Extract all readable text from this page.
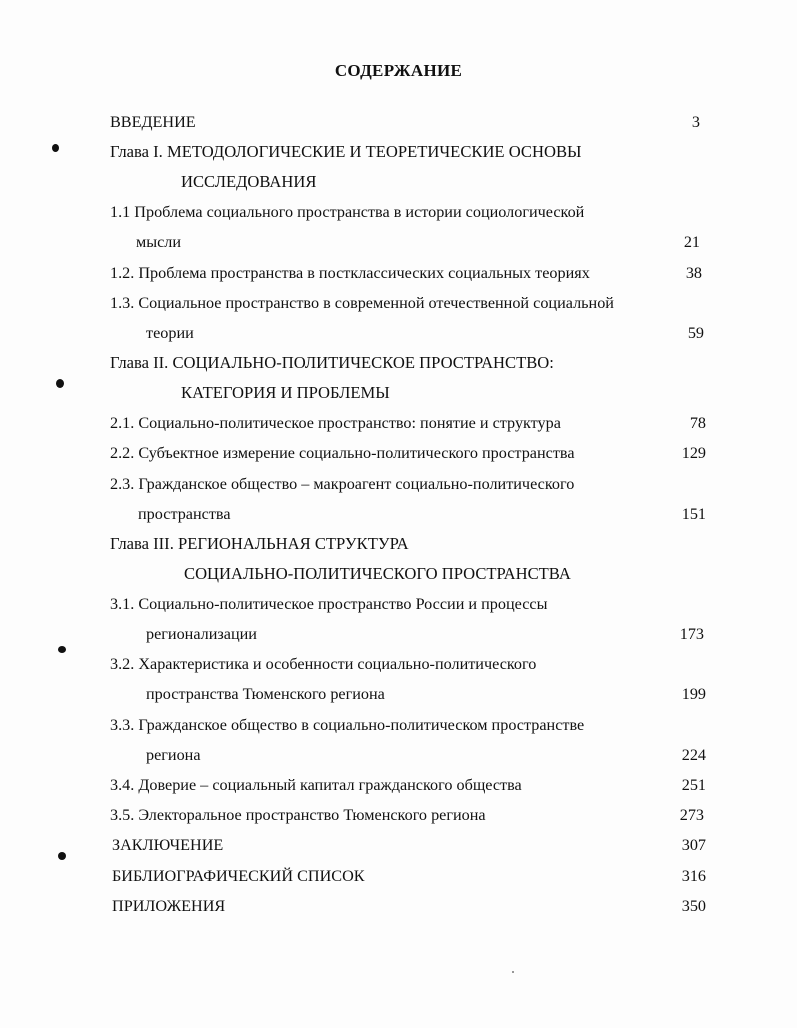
СОДЕРЖАНИЕ
ВВЕДЕНИЕ	3
Глава I. МЕТОДОЛОГИЧЕСКИЕ И ТЕОРЕТИЧЕСКИЕ ОСНОВЫ
ИССЛЕДОВАНИЯ
1.1 Проблема социального пространства в истории социологической
мысли	21
1.2. Проблема пространства в постклассических социальных теориях	38
1.3. Социальное пространство в современной отечественной социальной
теории	59
Глава II. СОЦИАЛЬНО-ПОЛИТИЧЕСКОЕ ПРОСТРАНСТВО:
КАТЕГОРИЯ И ПРОБЛЕМЫ
2.1. Социально-политическое пространство: понятие и структура	78
2.2. Субъектное измерение социально-политического пространства	129
2.3. Гражданское общество – макроагент социально-политического
пространства	151
Глава III. РЕГИОНАЛЬНАЯ СТРУКТУРА
СОЦИАЛЬНО-ПОЛИТИЧЕСКОГО ПРОСТРАНСТВА
3.1. Социально-политическое пространство России и процессы
регионализации	173
3.2. Характеристика и особенности социально-политического
пространства Тюменского региона	199
3.3. Гражданское общество в социально-политическом пространстве
региона	224
3.4. Доверие – социальный капитал гражданского общества	251
3.5. Электоральное пространство Тюменского региона	273
ЗАКЛЮЧЕНИЕ	307
БИБЛИОГРАФИЧЕСКИЙ СПИСОК	316
ПРИЛОЖЕНИЯ	350
